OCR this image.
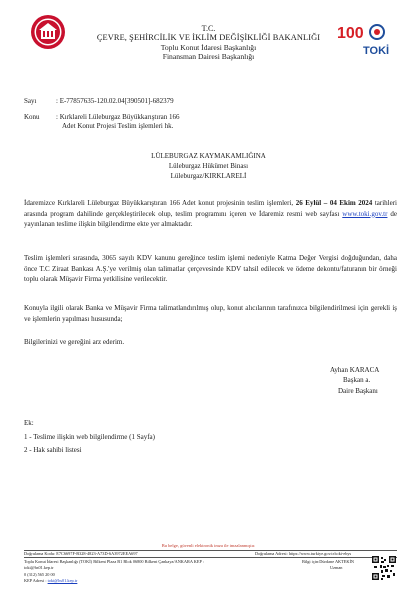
100
TOKİ
T.C.
ÇEVRE, ŞEHİRCİLİK VE İKLİM DEĞİŞİKLİĞİ BAKANLIĞI
Toplu Konut İdaresi Başkanlığı
Finansman Dairesi Başkanlığı
Sayı	: E-77857635-120.02.04[390501]-682379
Konu : Kırklareli Lüleburgaz Büyükkarıştıran 166
Adet Konut Projesi Teslim işlemleri hk.
LÜLEBURGAZ KAYMAKAMLIĞINA
Lüleburgaz Hükümet Binası
Lüleburgaz/KIRKLARELİ
İdaremizce Kırklareli Lüleburgaz Büyükkarıştıran 166 Adet konut projesinin teslim işlemleri, 26 Eylül – 04 Ekim 2024 tarihleri arasında program dahilinde gerçekleştirilecek olup, teslim programını içeren ve İdaremiz resmi web sayfası www.toki.gov.tr de yayınlanan teslime ilişkin bilgilendirme ekte yer almaktadır.
Teslim işlemleri sırasında, 3065 sayılı KDV kanunu gereğince teslim işlemi nedeniyle Katma Değer Vergisi doğduğundan, daha önce T.C Ziraat Bankası A.Ş.'ye verilmiş olan talimatlar çerçevesinde KDV tahsil edilecek ve ödeme dekontu/faturanın bir örneği toplu olarak Müşavir Firma yetkilisine verilecektir.
Konuyla ilgili olarak Banka ve Müşavir Firma talimatlandırılmış olup, konut alıcılarının tarafınızca bilgilendirilmesi için gerekli iş ve işlemlerin yapılması hususunda;
Bilgilerinizi ve gereğini arz ederim.
Ayhan KARACA
Başkan a.
Daire Başkanı
Ek:
1 - Teslime ilişkin web bilgilendirme (1 Sayfa)
2 - Hak sahibi listesi
Bu belge, güvenli elektronik imza ile imzalanmıştır.
Doğrulama Kodu: E7C6697F-B328-4823-A73D-6A3972EEA697	Doğrulama Adresi: https://www.turkiye.gov.tr/toki-ebys
Toplu Konut İdaresi Başkanlığı (TOKİ) Bilkent Plaza B1 Blok 06800 Bilkent Çankaya/ANKARA KEP : toki@hs01.kep.tr
0 (312) 565 20 00
KEP Adresi : toki@hs01.kep.tr
Bilgi için:Dürdane AKTEKİN
Uzman
